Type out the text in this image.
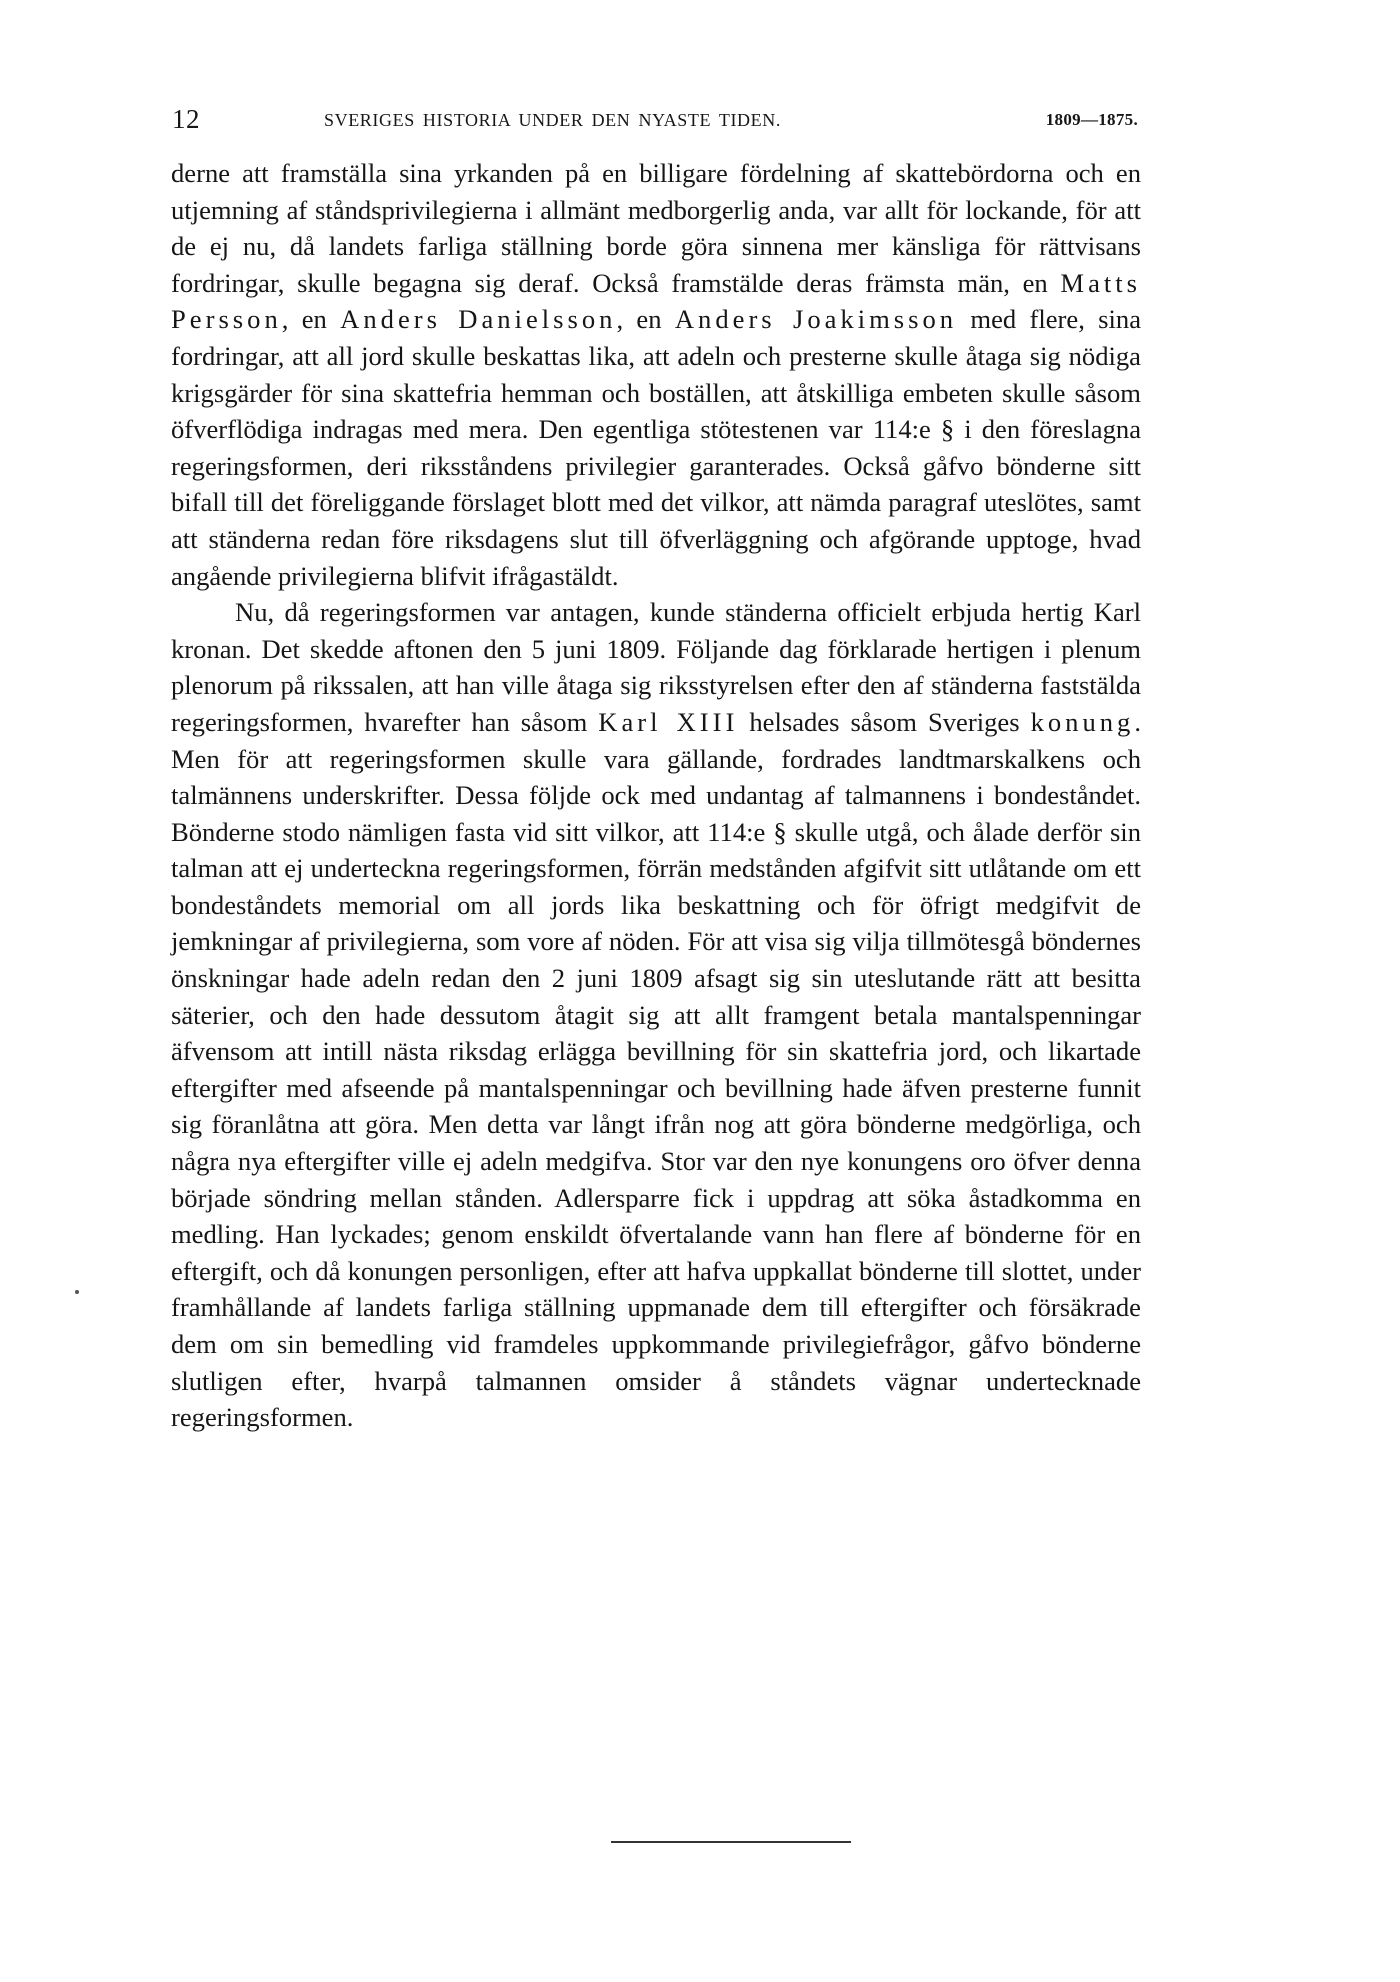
12	SVERIGES HISTORIA UNDER DEN NYASTE TIDEN.	1809—1875.

derne att framställa sina yrkanden på en billigare fördelning af skattebördorna och en utjemning af ståndsprivilegierna i allmänt medborgerlig anda, var allt för lockande, för att de ej nu, då landets farliga ställning borde göra sinnena mer känsliga för rättvisans fordringar, skulle begagna sig deraf. Också framstälde deras främsta män, en Matts Persson, en Anders Danielsson, en Anders Joakimsson med flere, sina fordringar, att all jord skulle beskattas lika, att adeln och presterne skulle åtaga sig nödiga krigsgärder för sina skattefria hemman och boställen, att åtskilliga embeten skulle såsom öfverflödiga indragas med mera. Den egentliga stötestenen var 114:e § i den föreslagna regeringsformen, deri riksståndens privilegier garanterades. Också gåfvo bönderne sitt bifall till det föreliggande förslaget blott med det vilkor, att nämda paragraf uteslötes, samt att ständerna redan före riksdagens slut till öfverläggning och afgörande upptoge, hvad angående privilegierna blifvit ifrågastäldt.

Nu, då regeringsformen var antagen, kunde ständerna officielt erbjuda hertig Karl kronan. Det skedde aftonen den 5 juni 1809. Följande dag förklarade hertigen i plenum plenorum på rikssalen, att han ville åtaga sig riksstyrelsen efter den af ständerna faststälda regeringsformen, hvarefter han såsom Karl XIII helsades såsom Sveriges konung. Men för att regeringsformen skulle vara gällande, fordrades landtmarskalkens och talmännens underskrifter. Dessa följde ock med undantag af talmannens i bondeståndet. Bönderne stodo nämligen fasta vid sitt vilkor, att 114:e § skulle utgå, och ålade derför sin talman att ej underteckna regeringsformen, förrän medstånden afgifvit sitt utlåtande om ett bondeståndets memorial om all jords lika beskattning och för öfrigt medgifvit de jemkningar af privilegierna, som vore af nöden. För att visa sig vilja tillmötesgå böndernes önskningar hade adeln redan den 2 juni 1809 afsagt sig sin uteslutande rätt att besitta säterier, och den hade dessutom åtagit sig att allt framgent betala mantalspenningar äfvensom att intill nästa riksdag erlägga bevillning för sin skattefria jord, och likartade eftergifter med afseende på mantalspenningar och bevillning hade äfven presterne funnit sig föranlåtna att göra. Men detta var långt ifrån nog att göra bönderne medgörliga, och några nya eftergifter ville ej adeln medgifva. Stor var den nye konungens oro öfver denna började söndring mellan stånden. Adlersparre fick i uppdrag att söka åstadkomma en medling. Han lyckades; genom enskildt öfvertalande vann han flere af bönderne för en eftergift, och då konungen personligen, efter att hafva uppkallat bönderne till slottet, under framhållande af landets farliga ställning uppmanade dem till eftergifter och försäkrade dem om sin bemedling vid framdeles uppkommande privilegiefrågor, gåfvo bönderne slutligen efter, hvarpå talmannen omsider å ståndets vägnar undertecknade regeringsformen.
